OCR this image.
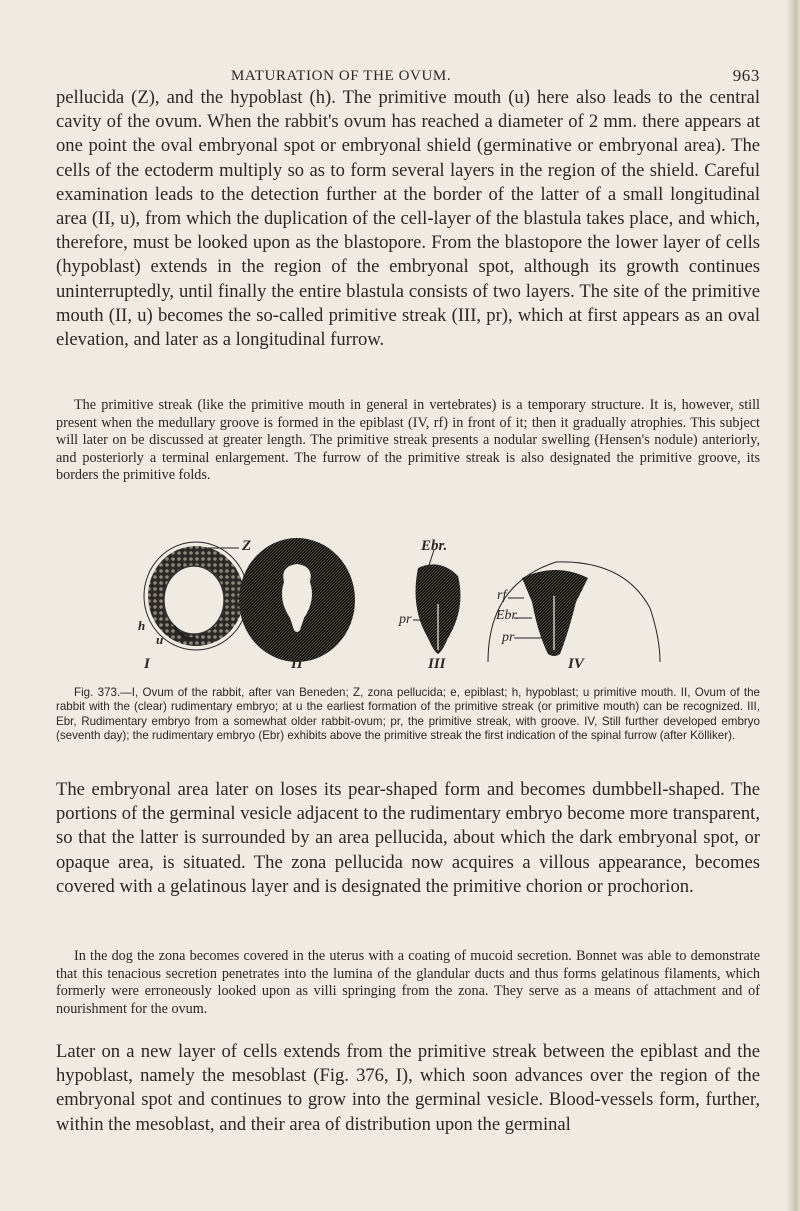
MATURATION OF THE OVUM.	963

pellucida (Z), and the hypoblast (h). The primitive mouth (u) here also leads to the central cavity of the ovum. When the rabbit's ovum has reached a diameter of 2 mm. there appears at one point the oval embryonal spot or embryonal shield (germinative or embryonal area). The cells of the ectoderm multiply so as to form several layers in the region of the shield. Careful examination leads to the detection further at the border of the latter of a small longitudinal area (II, u), from which the duplication of the cell-layer of the blastula takes place, and which, therefore, must be looked upon as the blastopore. From the blastopore the lower layer of cells (hypoblast) extends in the region of the embryonal spot, although its growth continues uninterruptedly, until finally the entire blastula consists of two layers. The site of the primitive mouth (II, u) becomes the so-called primitive streak (III, pr), which at first appears as an oval elevation, and later as a longitudinal furrow.

The primitive streak (like the primitive mouth in general in vertebrates) is a temporary structure. It is, however, still present when the medullary groove is formed in the epiblast (IV, rf) in front of it; then it gradually atrophies. This subject will later on be discussed at greater length. The primitive streak presents a nodular swelling (Hensen's nodule) anteriorly, and posteriorly a terminal enlargement. The furrow of the primitive streak is also designated the primitive groove, its borders the primitive folds.

Z
e
h
u
Ebr.
pr
rf
Ebr.
pr
I	II	III	IV

Fig. 373.—I, Ovum of the rabbit, after van Beneden; Z, zona pellucida; e, epiblast; h, hypoblast; u primitive mouth. II, Ovum of the rabbit with the (clear) rudimentary embryo; at u the earliest formation of the primitive streak (or primitive mouth) can be recognized. III, Ebr, Rudimentary embryo from a somewhat older rabbit-ovum; pr, the primitive streak, with groove. IV, Still further developed embryo (seventh day); the rudimentary embryo (Ebr) exhibits above the primitive streak the first indication of the spinal furrow (after Kölliker).

The embryonal area later on loses its pear-shaped form and becomes dumbbell-shaped. The portions of the germinal vesicle adjacent to the rudimentary embryo become more transparent, so that the latter is surrounded by an area pellucida, about which the dark embryonal spot, or opaque area, is situated. The zona pellucida now acquires a villous appearance, becomes covered with a gelatinous layer and is designated the primitive chorion or prochorion.

In the dog the zona becomes covered in the uterus with a coating of mucoid secretion. Bonnet was able to demonstrate that this tenacious secretion penetrates into the lumina of the glandular ducts and thus forms gelatinous filaments, which formerly were erroneously looked upon as villi springing from the zona. They serve as a means of attachment and of nourishment for the ovum.

Later on a new layer of cells extends from the primitive streak between the epiblast and the hypoblast, namely the mesoblast (Fig. 376, I), which soon advances over the region of the embryonal spot and continues to grow into the germinal vesicle. Blood-vessels form, further, within the mesoblast, and their area of distribution upon the germinal
